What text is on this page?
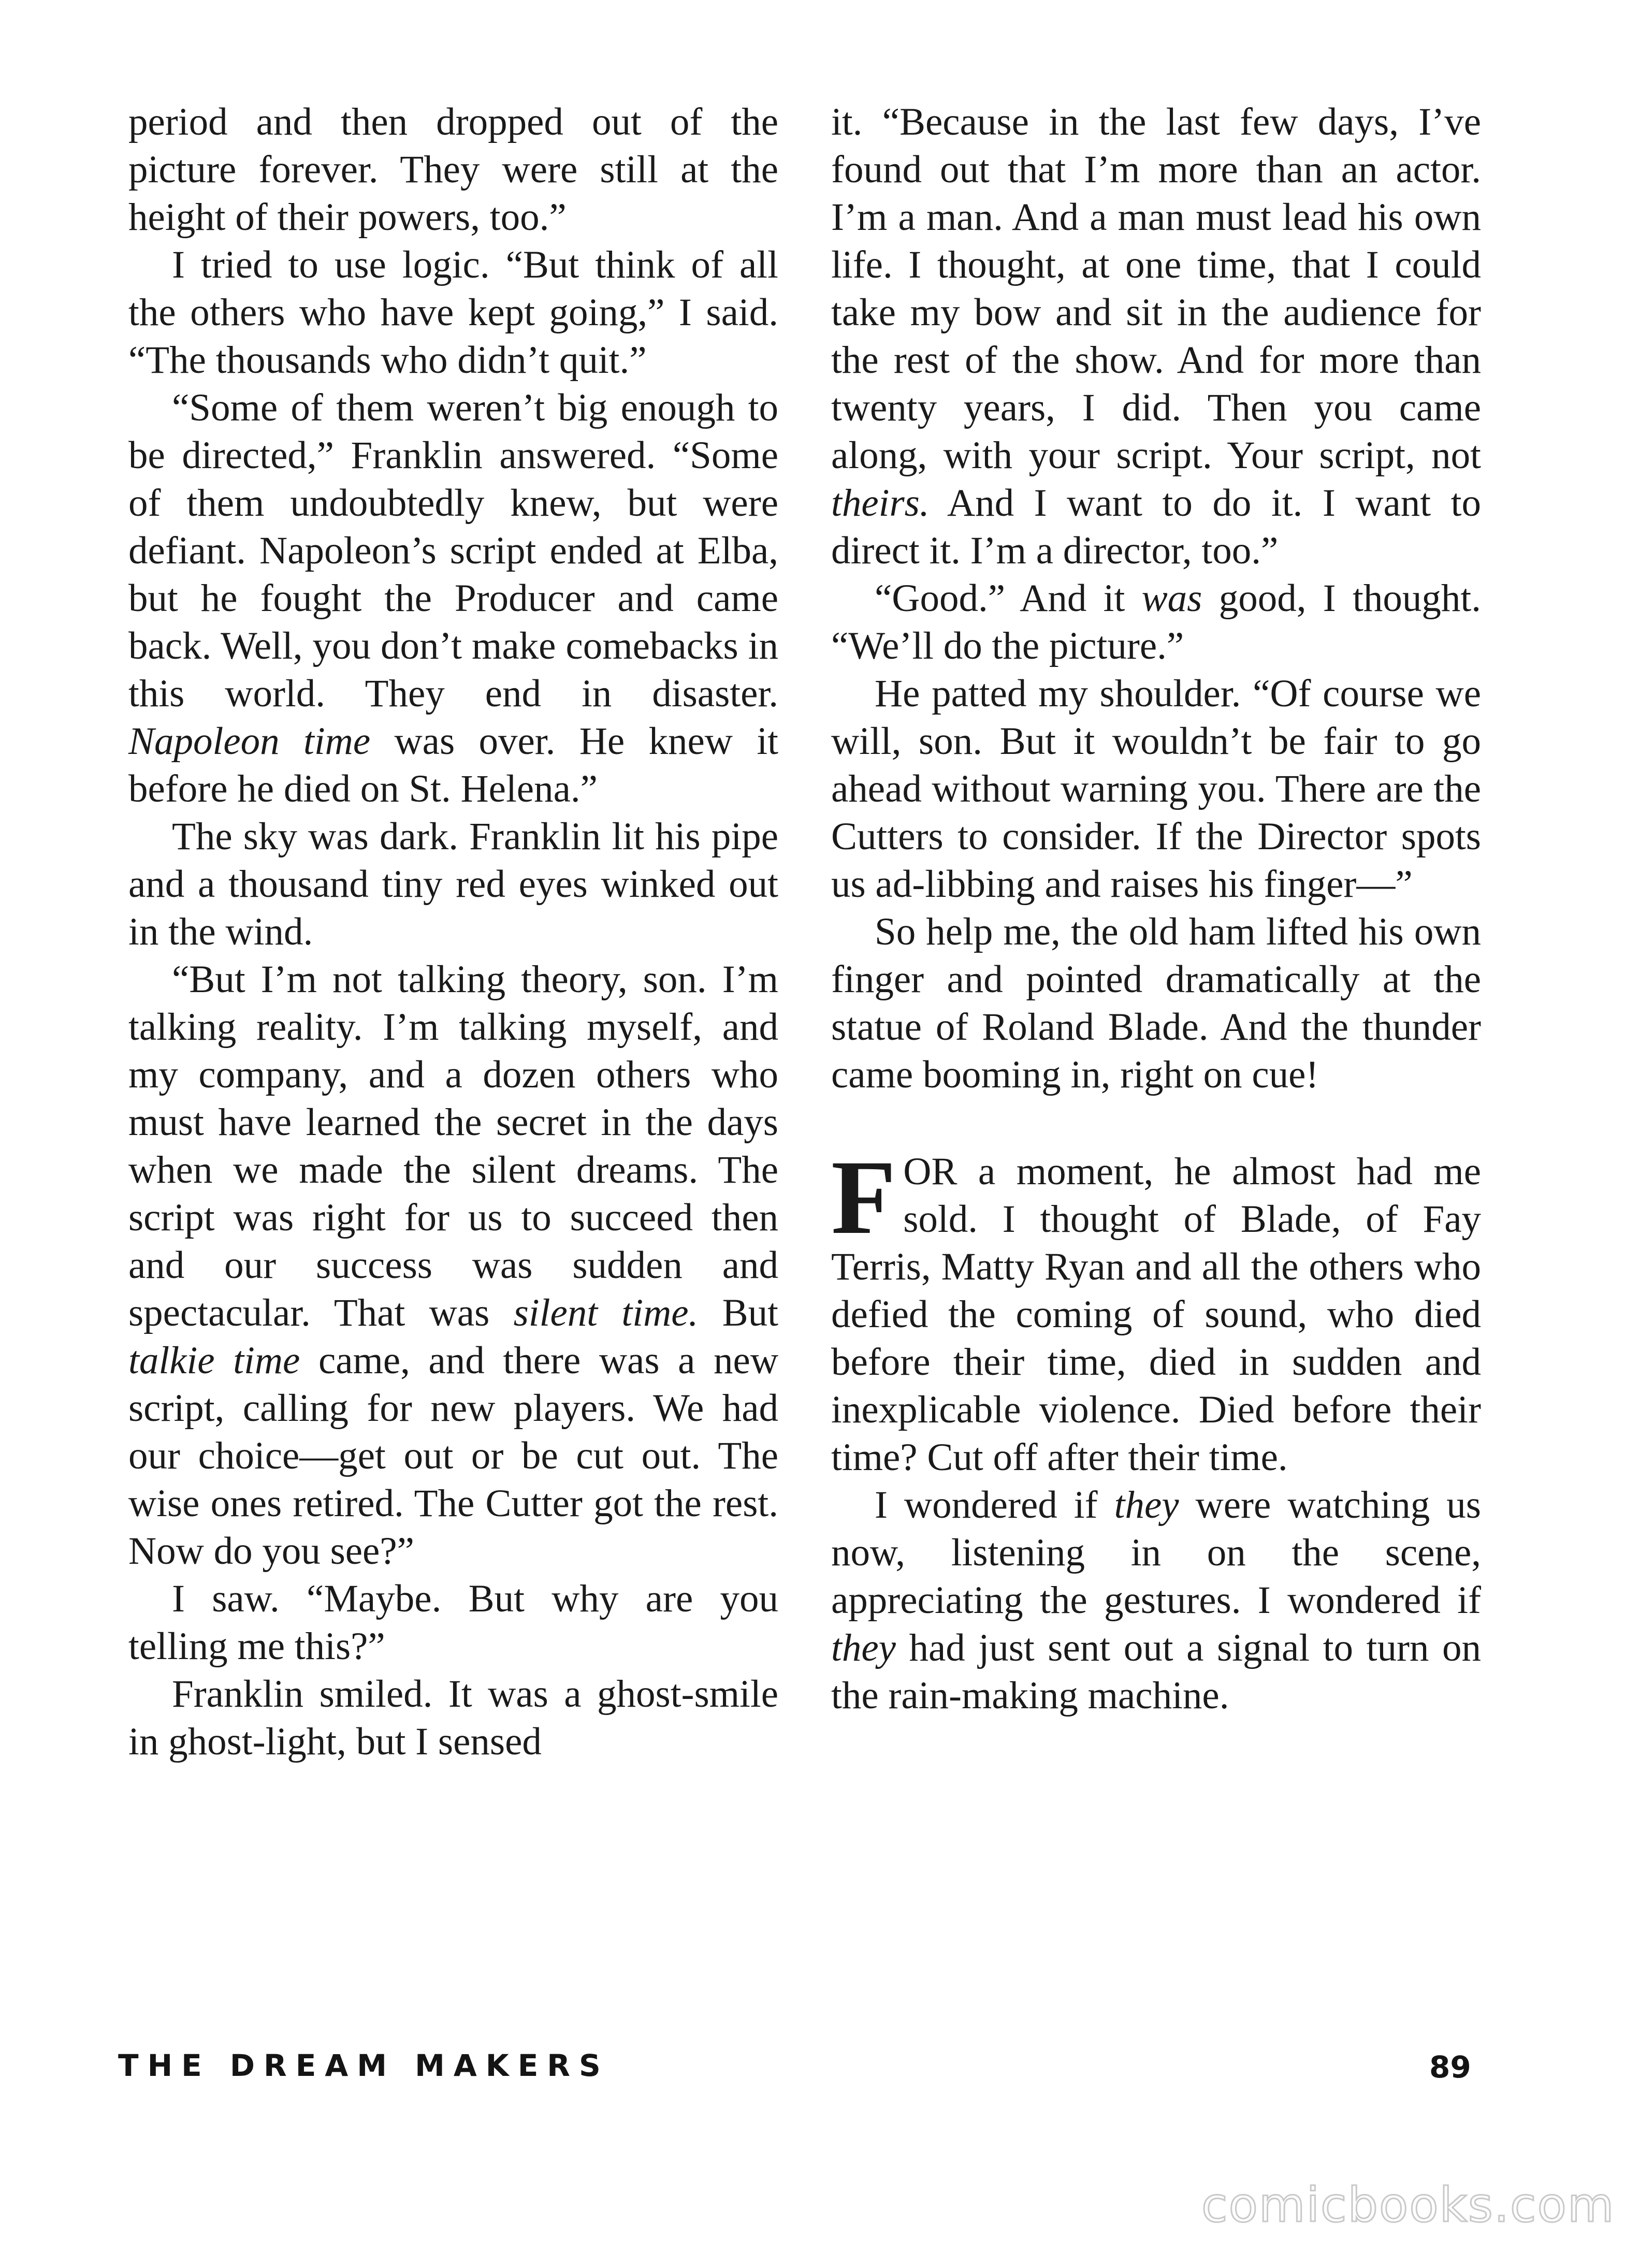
period and then dropped out of the picture forever. They were still at the height of their powers, too.”

I tried to use logic. “But think of all the others who have kept going,” I said. “The thousands who didn’t quit.”

“Some of them weren’t big enough to be directed,” Franklin answered. “Some of them undoubtedly knew, but were defiant. Napoleon’s script ended at Elba, but he fought the Producer and came back. Well, you don’t make comebacks in this world. They end in disaster. Napoleon time was over. He knew it before he died on St. Helena.”

The sky was dark. Franklin lit his pipe and a thousand tiny red eyes winked out in the wind.

“But I’m not talking theory, son. I’m talking reality. I’m talking myself, and my company, and a dozen others who must have learned the secret in the days when we made the silent dreams. The script was right for us to succeed then and our success was sudden and spectacular. That was silent time. But talkie time came, and there was a new script, calling for new players. We had our choice—get out or be cut out. The wise ones retired. The Cutter got the rest. Now do you see?”

I saw. “Maybe. But why are you telling me this?”

Franklin smiled. It was a ghost-smile in ghost-light, but I sensed

it. “Because in the last few days, I’ve found out that I’m more than an actor. I’m a man. And a man must lead his own life. I thought, at one time, that I could take my bow and sit in the audience for the rest of the show. And for more than twenty years, I did. Then you came along, with your script. Your script, not theirs. And I want to do it. I want to direct it. I’m a director, too.”

“Good.” And it was good, I thought. “We’ll do the picture.”

He patted my shoulder. “Of course we will, son. But it wouldn’t be fair to go ahead without warning you. There are the Cutters to consider. If the Director spots us ad-libbing and raises his finger—”

So help me, the old ham lifted his own finger and pointed dramatically at the statue of Roland Blade. And the thunder came booming in, right on cue!

FOR a moment, he almost had me sold. I thought of Blade, of Fay Terris, Matty Ryan and all the others who defied the coming of sound, who died before their time, died in sudden and inexplicable violence. Died before their time? Cut off after their time.

I wondered if they were watching us now, listening in on the scene, appreciating the gestures. I wondered if they had just sent out a signal to turn on the rain-making machine.

THE DREAM MAKERS	89
comicbooks.com
